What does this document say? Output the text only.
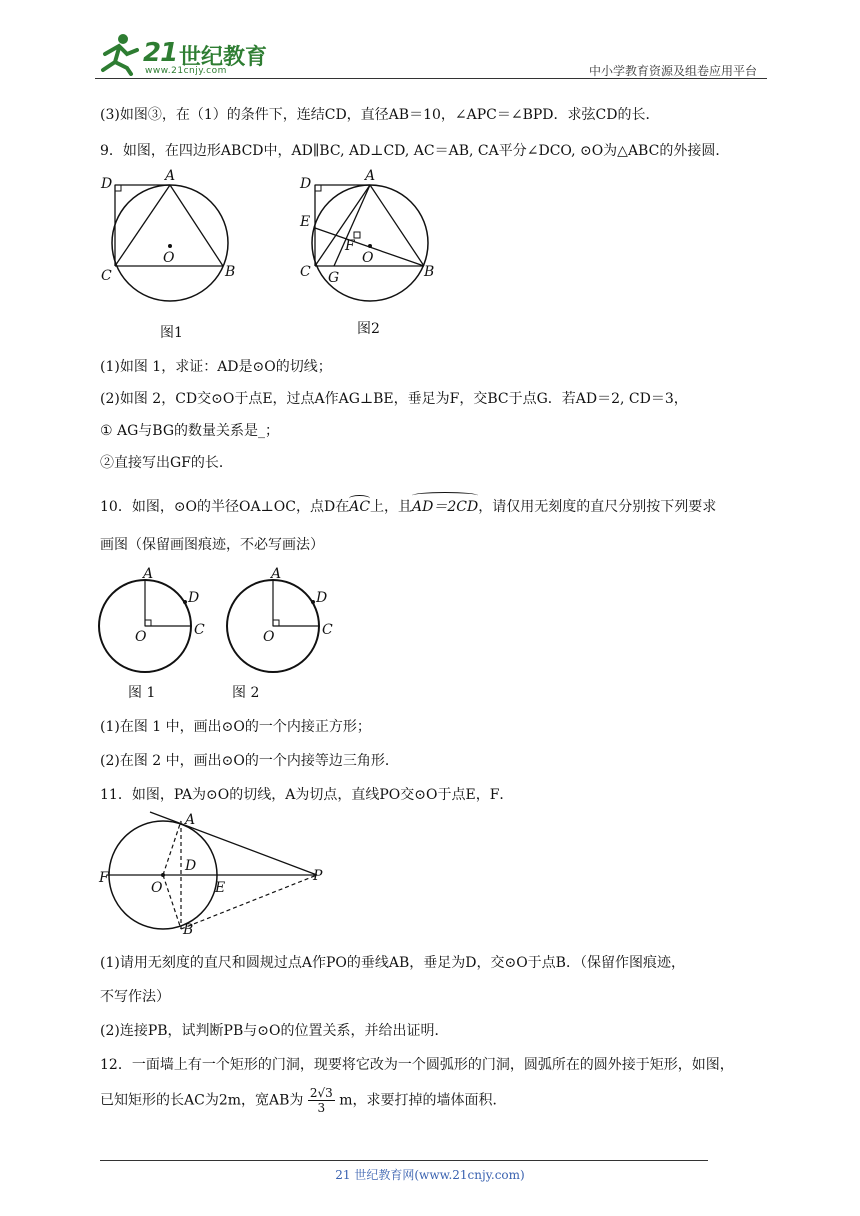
21 世纪教育
www.21cnjy.com	中小学教育资源及组卷应用平台
(3)如图③，在（1）的条件下，连结CD，直径AB＝10，∠APC＝∠BPD．求弦CD的长．
9．如图，在四边形ABCD中，AD∥BC, AD⊥CD, AC＝AB, CA平分∠DCO, ⊙O为△ABC的外接圆．
D	A
O
C	B
图1
D	A
E
F
O
C G	B
图2
(1)如图 1，求证：AD是⊙O的切线；
(2)如图 2，CD交⊙O于点E，过点A作AG⊥BE，垂足为F，交BC于点G．若AD＝2, CD＝3，
① AG与BG的数量关系是_；
②直接写出GF的长．
10．如图，⊙O的半径OA⊥OC，点D在AC上，且AD＝2CD，请仅用无刻度的直尺分别按下列要求
画图（保留画图痕迹，不必写画法）
A
D
O	C
A
D
O	C
图 1	图 2
(1)在图 1 中，画出⊙O的一个内接正方形；
(2)在图 2 中，画出⊙O的一个内接等边三角形．
11．如图，PA为⊙O的切线，A为切点，直线PO交⊙O于点E，F．
A
D
F
O	E
P
B
(1)请用无刻度的直尺和圆规过点A作PO的垂线AB，垂足为D，交⊙O于点B．（保留作图痕迹，
不写作法）
(2)连接PB，试判断PB与⊙O的位置关系，并给出证明．
12．一面墙上有一个矩形的门洞，现要将它改为一个圆弧形的门洞，圆弧所在的圆外接于矩形，如图，
已知矩形的长AC为2m，宽AB为 $\frac{2√3}{3}$ m，求要打掉的墙体面积．
21 世纪教育网(www.21cnjy.com)
